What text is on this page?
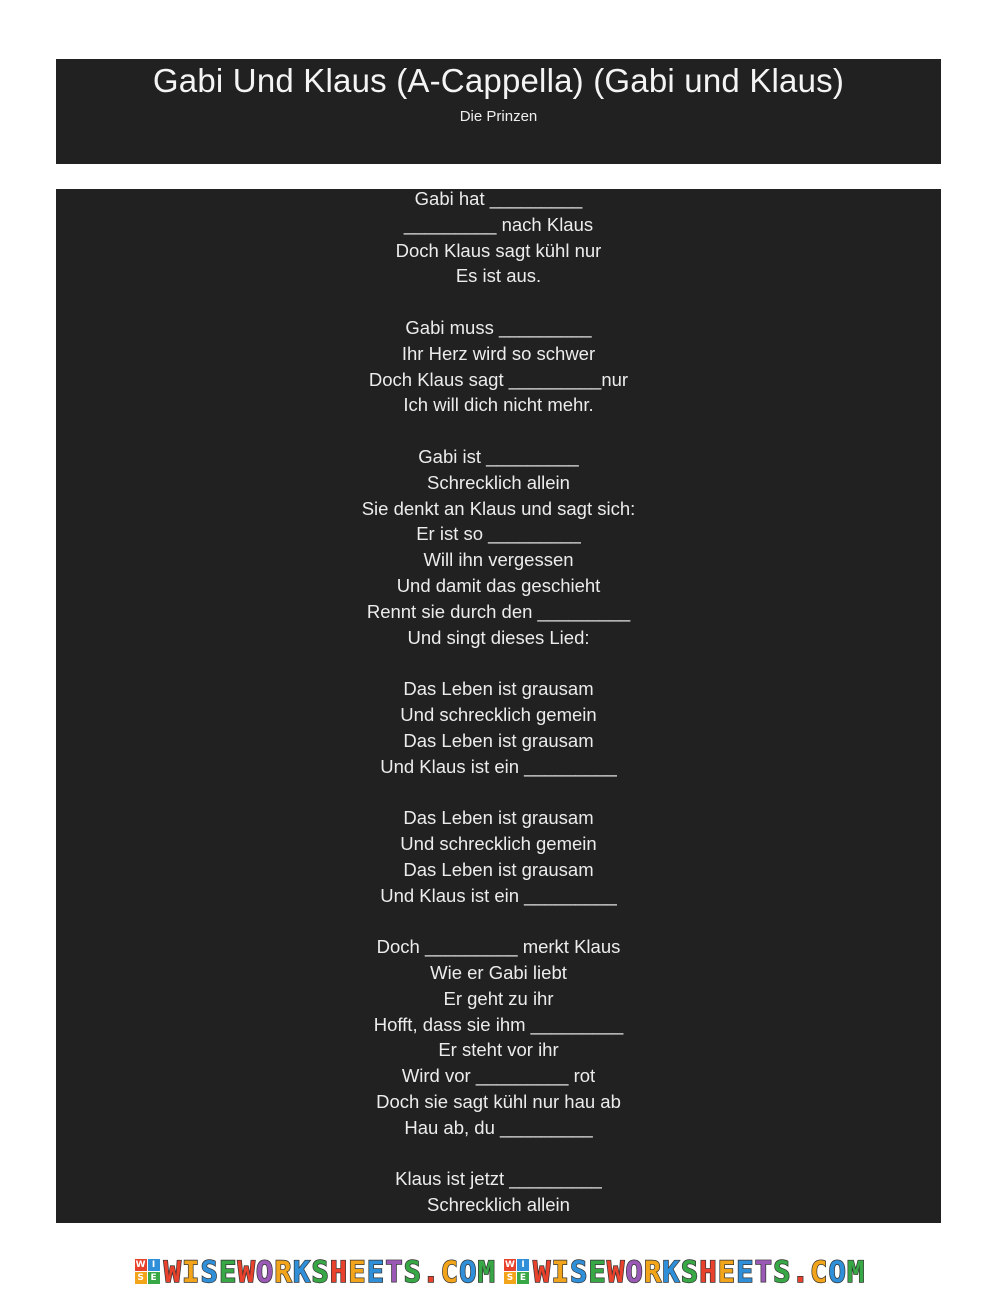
Gabi Und Klaus (A-Cappella) (Gabi und Klaus)
Die Prinzen
Gabi hat _________
_________ nach Klaus
Doch Klaus sagt kühl nur
Es ist aus.
Gabi muss _________
Ihr Herz wird so schwer
Doch Klaus sagt _________nur
Ich will dich nicht mehr.
Gabi ist _________
Schrecklich allein
Sie denkt an Klaus und sagt sich:
Er ist so _________
Will ihn vergessen
Und damit das geschieht
Rennt sie durch den _________
Und singt dieses Lied:
Das Leben ist grausam
Und schrecklich gemein
Das Leben ist grausam
Und Klaus ist ein _________
Das Leben ist grausam
Und schrecklich gemein
Das Leben ist grausam
Und Klaus ist ein _________
Doch _________ merkt Klaus
Wie er Gabi liebt
Er geht zu ihr
Hofft, dass sie ihm _________
Er steht vor ihr
Wird vor _________ rot
Doch sie sagt kühl nur hau ab
Hau ab, du _________
Klaus ist jetzt _________
Schrecklich allein
W I
S E W I S E W O R K S H E E T S . C O M W I
S E W I S E W O R K S H E E T S . C O M
